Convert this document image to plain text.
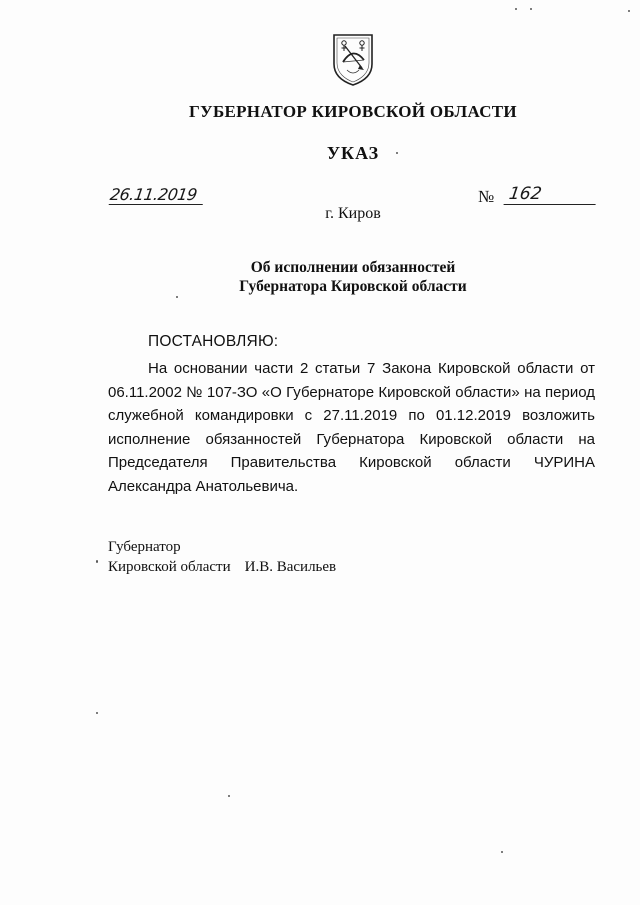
ГУБЕРНАТОР КИРОВСКОЙ ОБЛАСТИ
УКАЗ
26.11.2019	№ 162
г. Киров
Об исполнении обязанностей
Губернатора Кировской области
ПОСТАНОВЛЯЮ:

На основании части 2 статьи 7 Закона Кировской области от 06.11.2002 № 107-ЗО «О Губернаторе Кировской области» на период служебной командировки с 27.11.2019 по 01.12.2019 возложить исполнение обязанностей Губернатора Кировской области на Председателя Правительства Кировской области ЧУРИНА Александра Анатольевича.

Губернатор
Кировской области И.В. Васильев
